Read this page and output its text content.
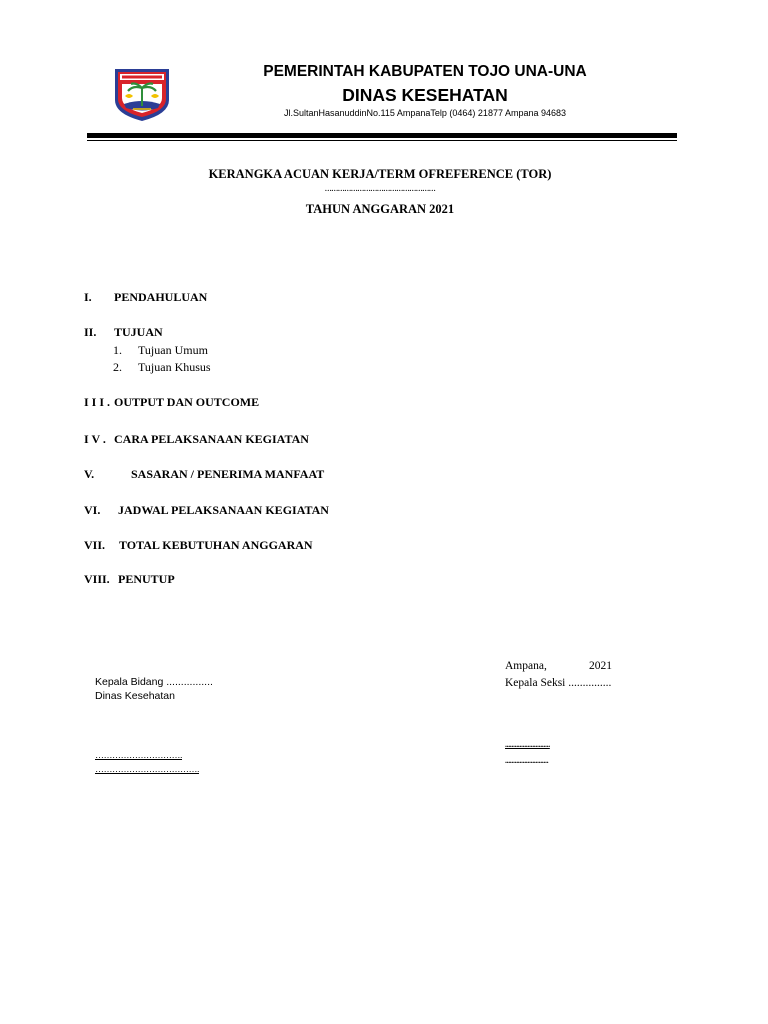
PEMERINTAH KABUPATEN TOJO UNA-UNA
DINAS KESEHATAN
Jl.SultanHasanuddinNo.115 AmpanaTelp (0464) 21877 Ampana 94683
KERANGKA ACUAN KERJA/TERM OFREFERENCE (TOR)
……………………………………………
TAHUN ANGGARAN 2021
I. PENDAHULUAN
II. TUJUAN
1. Tujuan Umum
2. Tujuan Khusus
I I I . OUTPUT DAN OUTCOME
I V . CARA PELAKSANAAN KEGIATAN
V.	SASARAN / PENERIMA MANFAAT
VI. JADWAL PELAKSANAAN KEGIATAN
VII. TOTAL KEBUTUHAN ANGGARAN
VIII. PENUTUP
Kepala Bidang ................
Dinas Kesehatan
………………………….
……………………………….
Ampana,	2021
Kepala Seksi ...............
............................
...........................
